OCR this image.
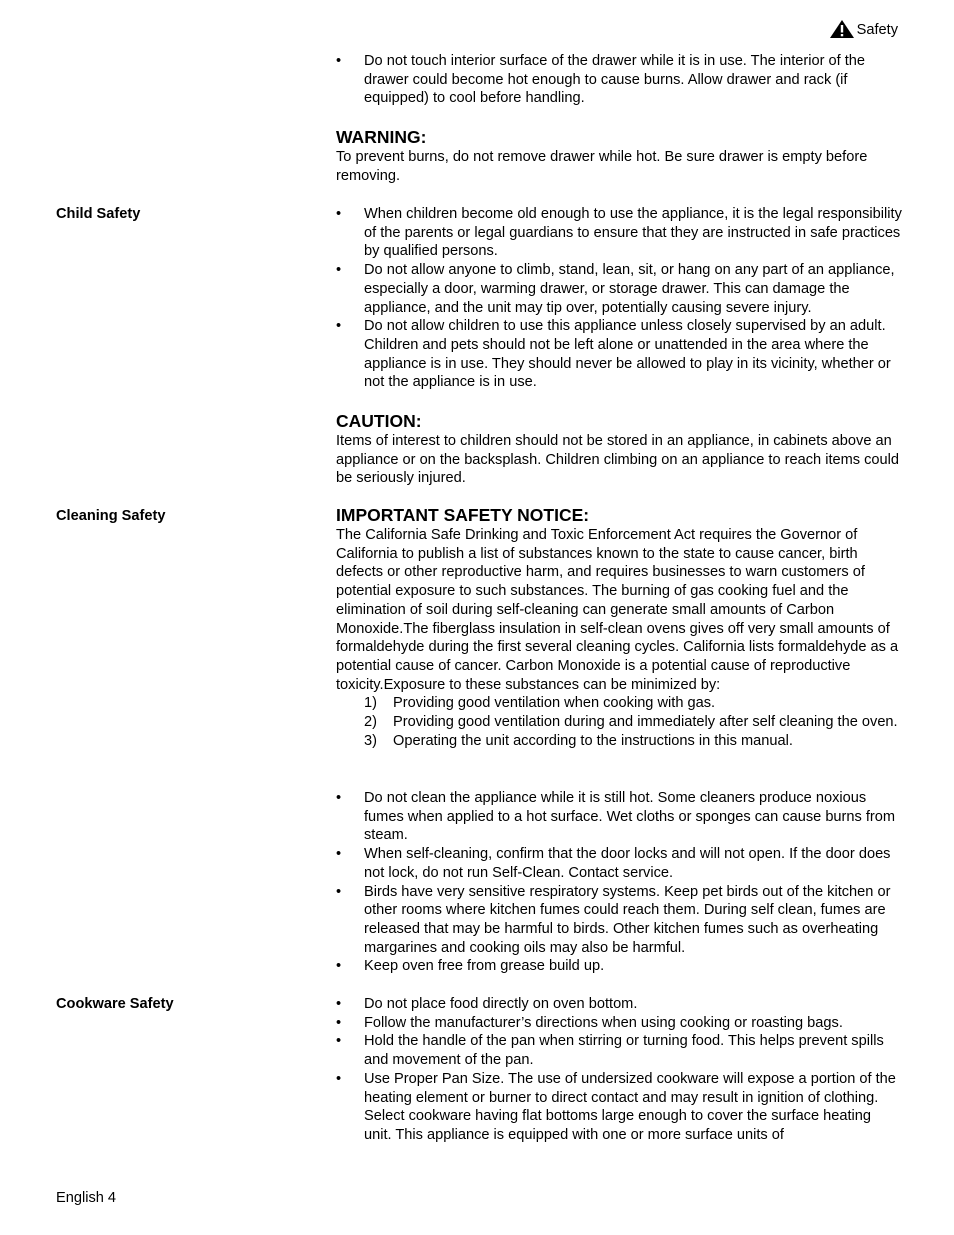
Safety
• Do not touch interior surface of the drawer while it is in use. The interior of the drawer could become hot enough to cause burns. Allow drawer and rack (if equipped) to cool before handling.
WARNING:
To prevent burns, do not remove drawer while hot. Be sure drawer is empty before removing.
Child Safety	• When children become old enough to use the appliance, it is the legal responsibility of the parents or legal guardians to ensure that they are instructed in safe practices by qualified persons.
• Do not allow anyone to climb, stand, lean, sit, or hang on any part of an appliance, especially a door, warming drawer, or storage drawer. This can damage the appliance, and the unit may tip over, potentially causing severe injury.
• Do not allow children to use this appliance unless closely supervised by an adult. Children and pets should not be left alone or unattended in the area where the appliance is in use. They should never be allowed to play in its vicinity, whether or not the appliance is in use.
CAUTION:
Items of interest to children should not be stored in an appliance, in cabinets above an appliance or on the backsplash. Children climbing on an appliance to reach items could be seriously injured.
Cleaning Safety	IMPORTANT SAFETY NOTICE:
The California Safe Drinking and Toxic Enforcement Act requires the Governor of California to publish a list of substances known to the state to cause cancer, birth defects or other reproductive harm, and requires businesses to warn customers of potential exposure to such substances. The burning of gas cooking fuel and the elimination of soil during self-cleaning can generate small amounts of Carbon Monoxide.The fiberglass insulation in self-clean ovens gives off very small amounts of formaldehyde during the first several cleaning cycles. California lists formaldehyde as a potential cause of cancer. Carbon Monoxide is a potential cause of reproductive toxicity.Exposure to these substances can be minimized by:
1) Providing good ventilation when cooking with gas.
2) Providing good ventilation during and immediately after self cleaning the oven.
3) Operating the unit according to the instructions in this manual.
• Do not clean the appliance while it is still hot. Some cleaners produce noxious fumes when applied to a hot surface. Wet cloths or sponges can cause burns from steam.
• When self-cleaning, confirm that the door locks and will not open. If the door does not lock, do not run Self-Clean. Contact service.
• Birds have very sensitive respiratory systems. Keep pet birds out of the kitchen or other rooms where kitchen fumes could reach them. During self clean, fumes are released that may be harmful to birds. Other kitchen fumes such as overheating margarines and cooking oils may also be harmful.
• Keep oven free from grease build up.
Cookware Safety	• Do not place food directly on oven bottom.
• Follow the manufacturer’s directions when using cooking or roasting bags.
• Hold the handle of the pan when stirring or turning food. This helps prevent spills and movement of the pan.
• Use Proper Pan Size. The use of undersized cookware will expose a portion of the heating element or burner to direct contact and may result in ignition of clothing. Select cookware having flat bottoms large enough to cover the surface heating unit. This appliance is equipped with one or more surface units of
English 4
